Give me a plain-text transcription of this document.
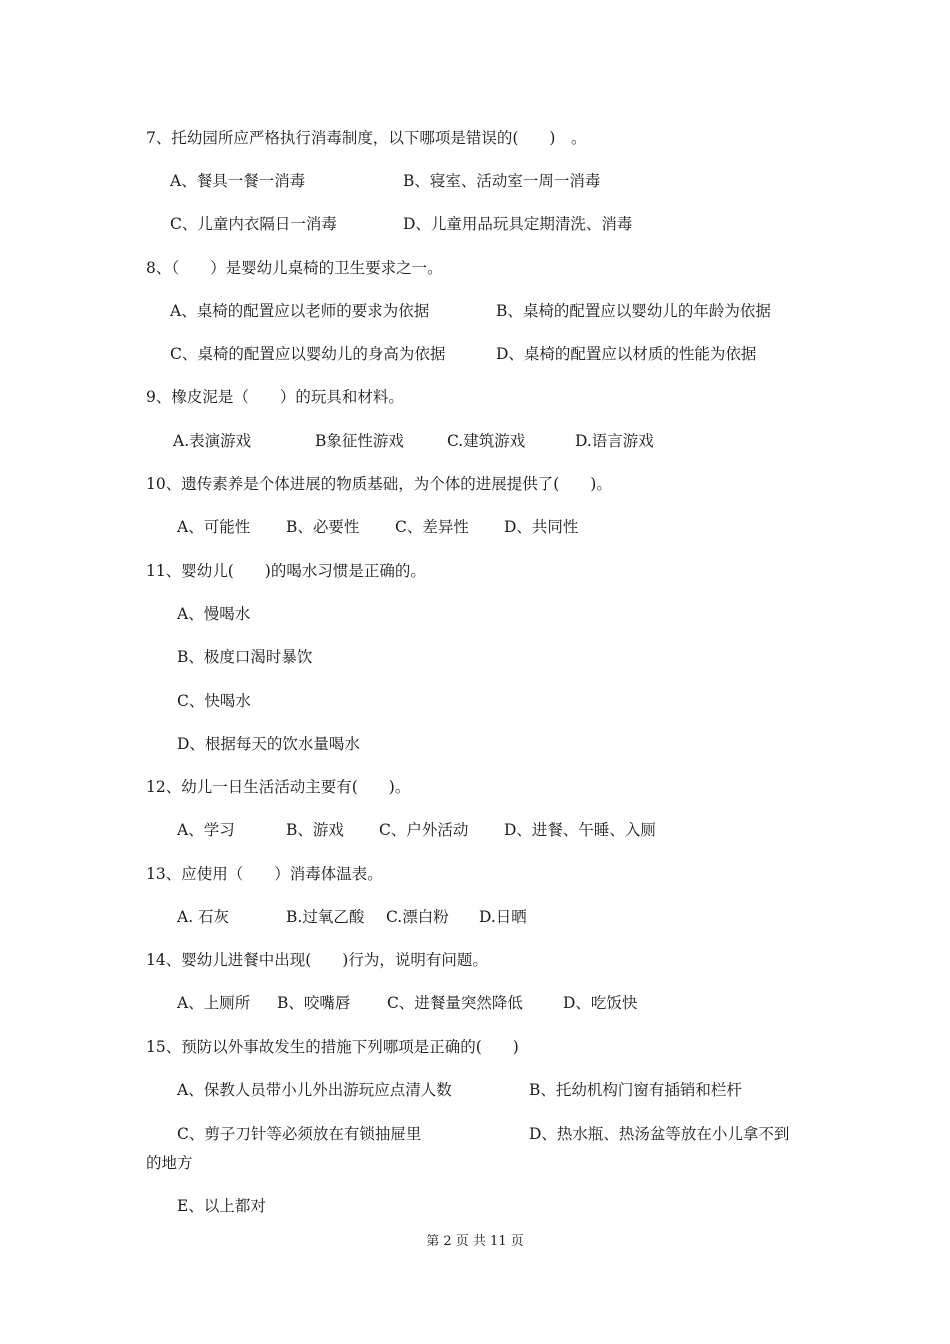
7、托幼园所应严格执行消毒制度，以下哪项是错误的(　　)　。
A、餐具一餐一消毒	B、寝室、活动室一周一消毒
C、儿童内衣隔日一消毒	D、儿童用品玩具定期清洗、消毒
8、（　　）是婴幼儿桌椅的卫生要求之一。
A、桌椅的配置应以老师的要求为依据	B、桌椅的配置应以婴幼儿的年龄为依据
C、桌椅的配置应以婴幼儿的身高为依据	D、桌椅的配置应以材质的性能为依据
9、橡皮泥是（　　）的玩具和材料。
A.表演游戏	B象征性游戏	C.建筑游戏	D.语言游戏
10、遗传素养是个体进展的物质基础，为个体的进展提供了(　　)。
A、可能性 B、必要性 C、差异性 D、共同性
11、婴幼儿(　　)的喝水习惯是正确的。
A、慢喝水
B、极度口渴时暴饮
C、快喝水
D、根据每天的饮水量喝水
12、幼儿一日生活活动主要有(　　)。
A、学习	B、游戏 C、户外活动 D、进餐、午睡、入厕
13、应使用（　　）消毒体温表。
A. 石灰	B.过氧乙酸 C.漂白粉 D.日晒
14、婴幼儿进餐中出现(　　)行为，说明有问题。
A、上厕所 B、咬嘴唇 C、进餐量突然降低	D、吃饭快
15、预防以外事故发生的措施下列哪项是正确的(　　)
A、保教人员带小儿外出游玩应点清人数	B、托幼机构门窗有插销和栏杆
C、剪子刀针等必须放在有锁抽屉里	D、热水瓶、热汤盆等放在小儿拿不到
的地方
E、以上都对
第 2 页 共 11 页
